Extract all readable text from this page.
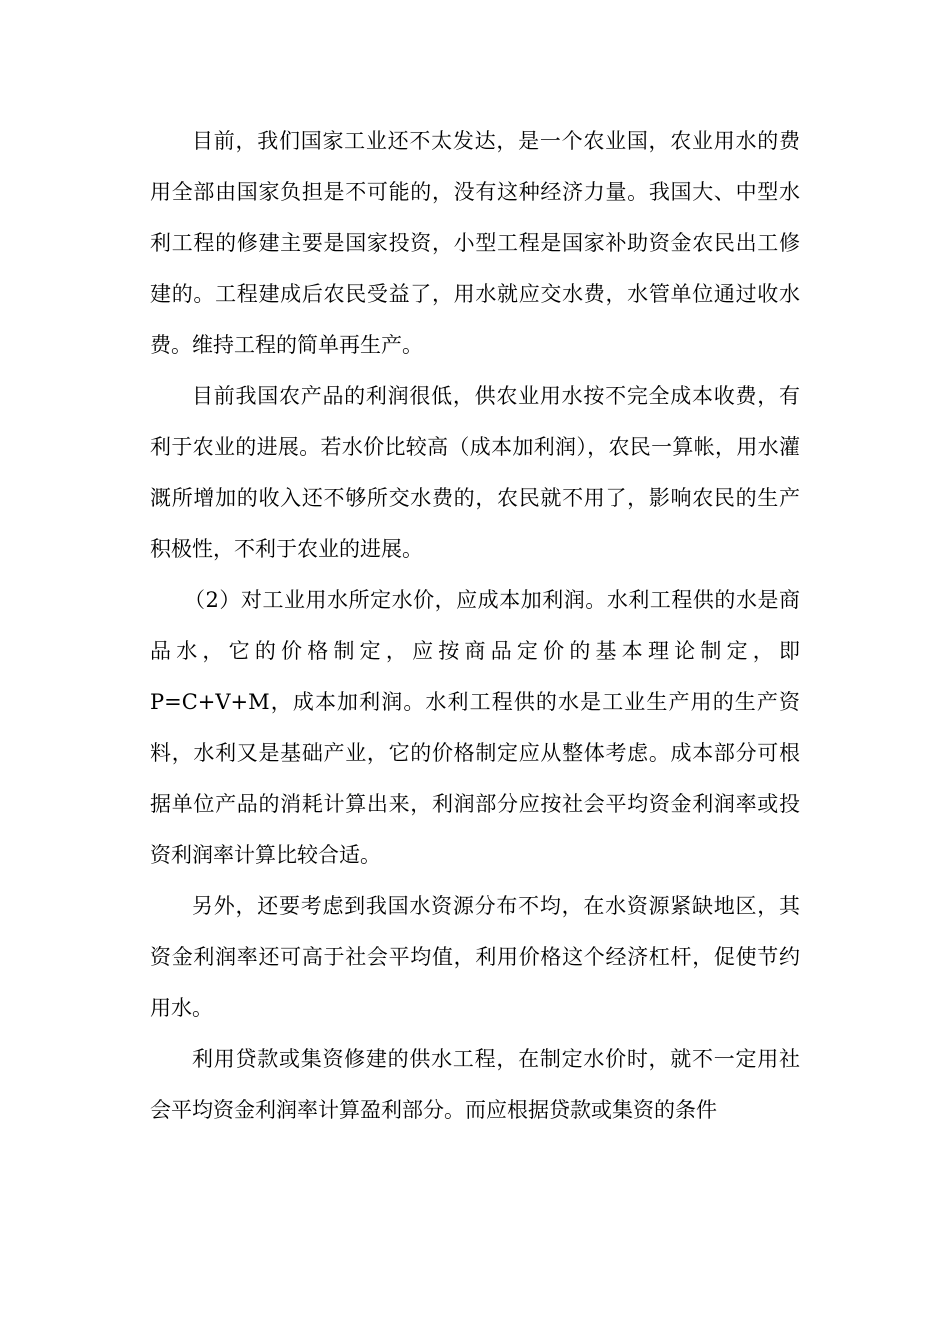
目前，我们国家工业还不太发达，是一个农业国，农业用水的费用全部由国家负担是不可能的，没有这种经济力量。我国大、中型水利工程的修建主要是国家投资，小型工程是国家补助资金农民出工修建的。工程建成后农民受益了，用水就应交水费，水管单位通过收水费。维持工程的简单再生产。

目前我国农产品的利润很低，供农业用水按不完全成本收费，有利于农业的进展。若水价比较高（成本加利润），农民一算帐，用水灌溉所增加的收入还不够所交水费的，农民就不用了，影响农民的生产积极性，不利于农业的进展。

（2）对工业用水所定水价，应成本加利润。水利工程供的水是商品水，它的价格制定，应按商品定价的基本理论制定，即P=C+V+M，成本加利润。水利工程供的水是工业生产用的生产资料，水利又是基础产业，它的价格制定应从整体考虑。成本部分可根据单位产品的消耗计算出来，利润部分应按社会平均资金利润率或投资利润率计算比较合适。

另外，还要考虑到我国水资源分布不均，在水资源紧缺地区，其资金利润率还可高于社会平均值，利用价格这个经济杠杆，促使节约用水。

利用贷款或集资修建的供水工程，在制定水价时，就不一定用社会平均资金利润率计算盈利部分。而应根据贷款或集资的条件
